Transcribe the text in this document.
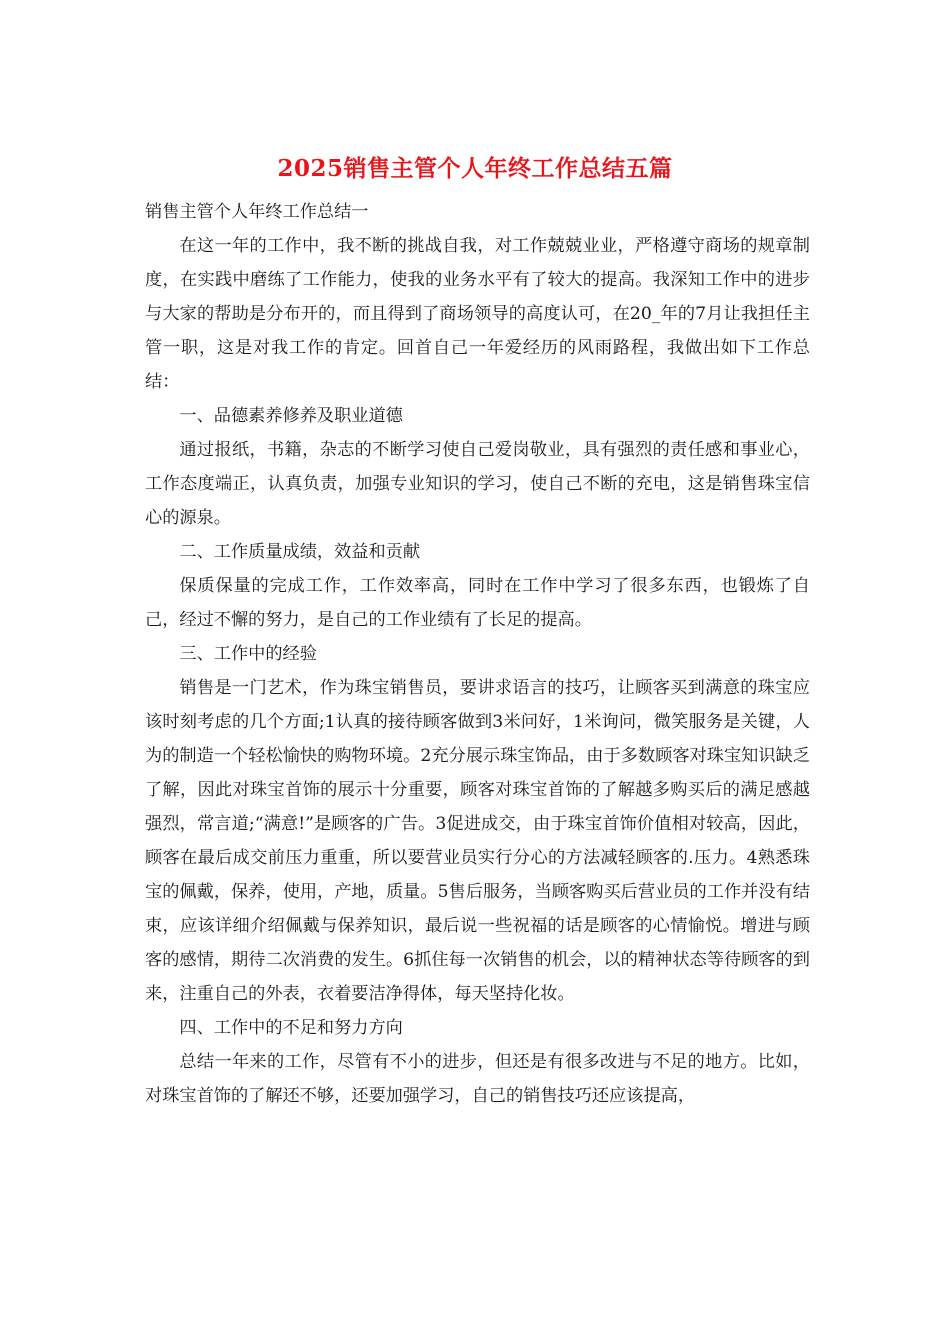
2025销售主管个人年终工作总结五篇

销售主管个人年终工作总结一

在这一年的工作中，我不断的挑战自我，对工作兢兢业业，严格遵守商场的规章制度，在实践中磨练了工作能力，使我的业务水平有了较大的提高。我深知工作中的进步与大家的帮助是分布开的，而且得到了商场领导的高度认可，在20_年的7月让我担任主管一职，这是对我工作的肯定。回首自己一年爱经历的风雨路程，我做出如下工作总结：

一、品德素养修养及职业道德

通过报纸，书籍，杂志的不断学习使自己爱岗敬业，具有强烈的责任感和事业心，工作态度端正，认真负责，加强专业知识的学习，使自己不断的充电，这是销售珠宝信心的源泉。

二、工作质量成绩，效益和贡献

保质保量的完成工作，工作效率高，同时在工作中学习了很多东西，也锻炼了自己，经过不懈的努力，是自己的工作业绩有了长足的提高。

三、工作中的经验

销售是一门艺术，作为珠宝销售员，要讲求语言的技巧，让顾客买到满意的珠宝应该时刻考虑的几个方面;1认真的接待顾客做到3米问好，1米询问，微笑服务是关键，人为的制造一个轻松愉快的购物环境。2充分展示珠宝饰品，由于多数顾客对珠宝知识缺乏了解，因此对珠宝首饰的展示十分重要，顾客对珠宝首饰的了解越多购买后的满足感越强烈，常言道;“满意!”是顾客的广告。3促进成交，由于珠宝首饰价值相对较高，因此，顾客在最后成交前压力重重，所以要营业员实行分心的方法减轻顾客的.压力。4熟悉珠宝的佩戴，保养，使用，产地，质量。5售后服务，当顾客购买后营业员的工作并没有结束，应该详细介绍佩戴与保养知识，最后说一些祝福的话是顾客的心情愉悦。增进与顾客的感情，期待二次消费的发生。6抓住每一次销售的机会，以的精神状态等待顾客的到来，注重自己的外表，衣着要洁净得体，每天坚持化妆。

四、工作中的不足和努力方向

总结一年来的工作，尽管有不小的进步，但还是有很多改进与不足的地方。比如，对珠宝首饰的了解还不够，还要加强学习，自己的销售技巧还应该提高，
